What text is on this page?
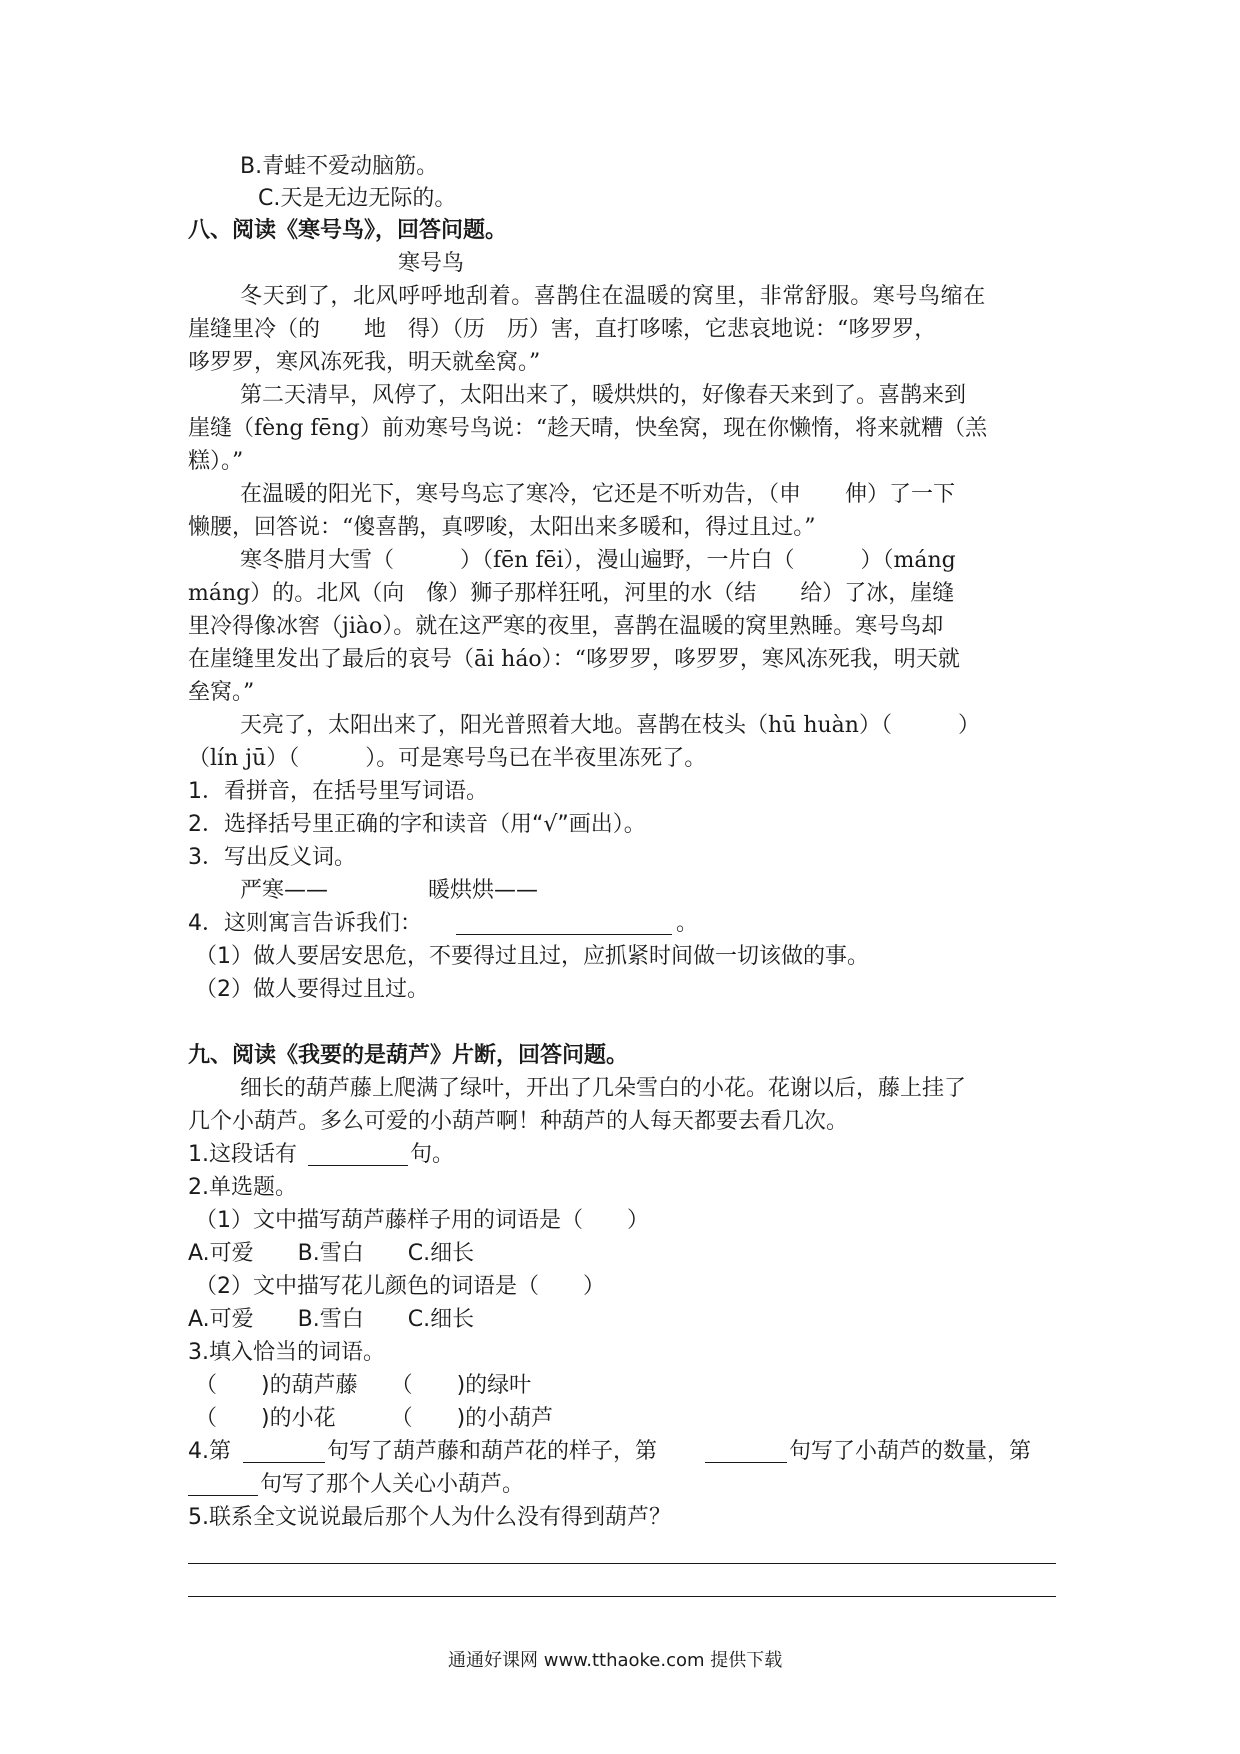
B.青蛙不爱动脑筋。
C.天是无边无际的。
八、阅读《寒号鸟》，回答问题。
寒号鸟
冬天到了，北风呼呼地刮着。喜鹊住在温暖的窝里，非常舒服。寒号鸟缩在
崖缝里冷（的　　地　得）（历　历）害，直打哆嗦，它悲哀地说：“哆罗罗，
哆罗罗，寒风冻死我，明天就垒窝。”
第二天清早，风停了，太阳出来了，暖烘烘的，好像春天来到了。喜鹊来到
崖缝（fèng fēng）前劝寒号鸟说：“趁天晴，快垒窝，现在你懒惰，将来就糟（羔
糕）。”
在温暖的阳光下，寒号鸟忘了寒冷，它还是不听劝告，（申　　伸）了一下
懒腰，回答说：“傻喜鹊，真啰唆，太阳出来多暖和，得过且过。”
寒冬腊月大雪（　　　）（fēn fēi），漫山遍野，一片白（　　　）（máng
máng）的。北风（向　像）狮子那样狂吼，河里的水（结　　给）了冰，崖缝
里冷得像冰窖（jiào）。就在这严寒的夜里，喜鹊在温暖的窝里熟睡。寒号鸟却
在崖缝里发出了最后的哀号（āi háo）：“哆罗罗，哆罗罗，寒风冻死我，明天就
垒窝。”
天亮了，太阳出来了，阳光普照着大地。喜鹊在枝头（hū huàn）（　　　）
（lín jū）（　　　）。可是寒号鸟已在半夜里冻死了。
1．看拼音，在括号里写词语。
2．选择括号里正确的字和读音（用“√”画出）。
3．写出反义词。
严寒——	暖烘烘——
4．这则寓言告诉我们：	。
（1）做人要居安思危，不要得过且过，应抓紧时间做一切该做的事。
（2）做人要得过且过。
九、阅读《我要的是葫芦》片断，回答问题。
细长的葫芦藤上爬满了绿叶，开出了几朵雪白的小花。花谢以后，藤上挂了
几个小葫芦。多么可爱的小葫芦啊！种葫芦的人每天都要去看几次。
1.这段话有	句。
2.单选题。
（1）文中描写葫芦藤样子用的词语是（　　）
A.可爱　　B.雪白　　C.细长
（2）文中描写花儿颜色的词语是（　　）
A.可爱　　B.雪白　　C.细长
3.填入恰当的词语。
（　　)的葫芦藤　　（　　)的绿叶
（　　)的小花　　　（　　)的小葫芦
4.第	句写了葫芦藤和葫芦花的样子，第	句写了小葫芦的数量，第
句写了那个人关心小葫芦。
5.联系全文说说最后那个人为什么没有得到葫芦？
通通好课网 www.tthaoke.com 提供下载
